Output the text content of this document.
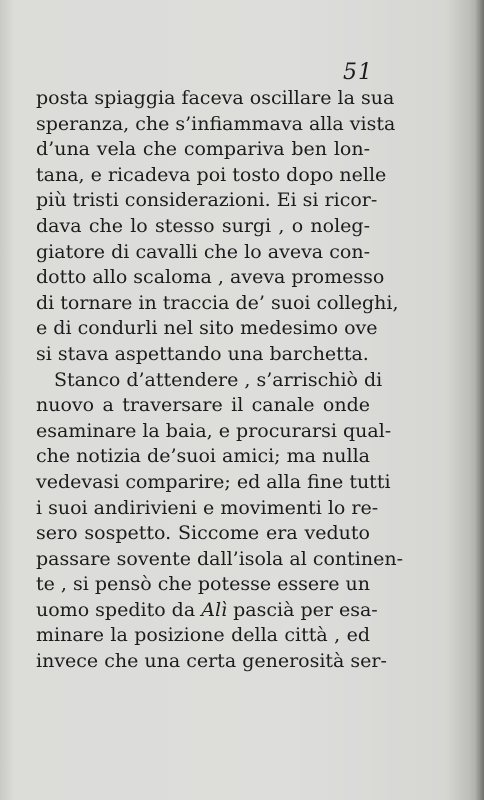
51
posta spiaggia faceva oscillare la sua
speranza, che s’infiammava alla vista
d’una vela che compariva ben lon-
tana, e ricadeva poi tosto dopo nelle
più tristi considerazioni. Ei si ricor-
dava che lo stesso surgi , o noleg-
giatore di cavalli che lo aveva con-
dotto allo scaloma , aveva promesso
di tornare in traccia de’ suoi colleghi,
e di condurli nel sito medesimo ove
si stava aspettando una barchetta.
Stanco d’attendere , s’arrischiò di
nuovo a traversare il canale onde
esaminare la baia, e procurarsi qual-
che notizia de’suoi amici; ma nulla
vedevasi comparire; ed alla fine tutti
i suoi andirivieni e movimenti lo re-
sero sospetto. Siccome era veduto
passare sovente dall’isola al continen-
te , si pensò che potesse essere un
uomo spedito da Alì pascià per esa-
minare la posizione della città , ed
invece che una certa generosità ser-
